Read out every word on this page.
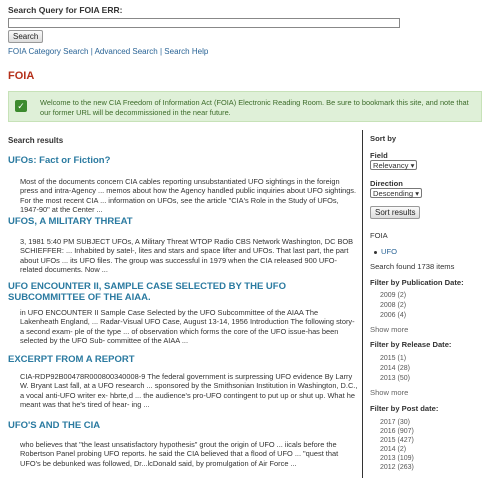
Search Query for FOIA ERR:
Search
FOIA Category Search | Advanced Search | Search Help
FOIA
✓	Welcome to the new CIA Freedom of Information Act (FOIA) Electronic Reading Room. Be sure to bookmark this site, and note that our former URL will be decommissioned in the near future.
Search results
UFOs: Fact or Fiction?
Most of the documents concern CIA cables reporting unsubstantiated UFO sightings in the foreign press and intra-Agency ... memos about how the Agency handled public inquiries about UFO sightings. For the most recent CIA ... information on UFOs, see the article "CIA's Role in the Study of UFOs, 1947-90" at the Center ...
UFOS, A MILITARY THREAT
3, 1981 5:40 PM SUBJECT UFOs, A Military Threat WTOP Radio CBS Network Washington, DC BOB SCHIEFFER: ... Inhabited by satel-, lites and stars and space lifter and UFOs. That last part, the part about UFOs ... its UFO files. The group was successful in 1979 when the CIA released 900 UFO-related documents. Now ...
UFO ENCOUNTER II, SAMPLE CASE SELECTED BY THE UFO SUBCOMMITTEE OF THE AIAA.
in UFO ENCOUNTER II Sample Case Selected by the UFO Subcommittee of the AIAA The Lakenheath England, ... Radar-Visual UFO Case, August 13-14, 1956 Introduction The following story-a second exam- ple of the type ... of observation which forms the core of the UFO issue-has been selected by the UFO Sub- committee of the AIAA ...
EXCERPT FROM A REPORT
CIA-RDP92B00478R000800340008-9 The federal government is surpressing UFO evidence By Larry W. Bryant Last fall, at a UFO research ... sponsored by the Smithsonian Institution in Washington, D.C., a vocal anti-UFO writer ex- hbrte,d ... the audience's pro-UFO contingent to put up or shut up. What he meant was that he's tired of hear- ing ...
UFO'S AND THE CIA
who believes that "the least unsatisfactory hypothesis" grout the origin of UFO ... iicals before the Robertson Panel probing UFO reports. he said the CIA believed that a flood of UFO ... "quest that UFO's be debunked was followed, Dr...lcDonald said, by promulgation of Air Force ...
Sort by
Field
Relevancy ▾
Direction
Descending ▾
Sort results
FOIA
UFO
Search found 1738 items
Filter by Publication Date:
2009 (2)
2008 (2)
2006 (4)
Show more
Filter by Release Date:
2015 (1)
2014 (28)
2013 (50)
Show more
Filter by Post date:
2017 (30)
2016 (907)
2015 (427)
2014 (2)
2013 (109)
2012 (263)
